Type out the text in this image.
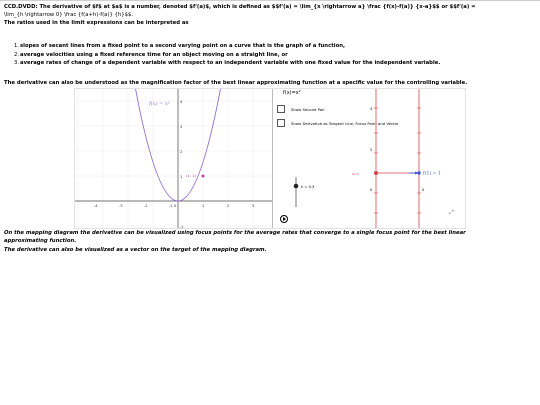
CCD.DVDD: The derivative of $f$ at $a$ is a number, denoted $f'(a)$, which is defined as $$f'(a) = \lim_{x \rightarrow a} \frac {f(x)-f(a)} {x-a}$$ or $$f'(a) =
\lim_{h \rightarrow 0} \frac {f(a+h)-f(a)} {h}$$.
The ratios used in the limit expressions can be interpreted as
1.slopes of secant lines from a fixed point to a second varying point on a curve that is the graph of a function,
2.average velocities using a fixed reference time for an object moving on a straight line, or
3.average rates of change of a dependent variable with respect to an independent variable with one fixed value for the independent variable.
The derivative can also be understood as the magnification factor of the best linear approximating function at a specific value for the controlling variable.
-4	-3	-2	-1 0	1	2	3
4
3
2
1
-1
f(x) = x²
(1, 1)
f(x)=x²
Show Second Pair
Show Derivative as Tangent Line, Focus Point and Vector
h = 0.3
4
2
0
x=1
0
f(1) = 1
⤢
On the mapping diagram the derivative can be visualized using focus points for the average rates that converge to a single focus point for the best linear
approximating function.
The derivative can also be visualized as a vector on the target of the mapping diagram.
